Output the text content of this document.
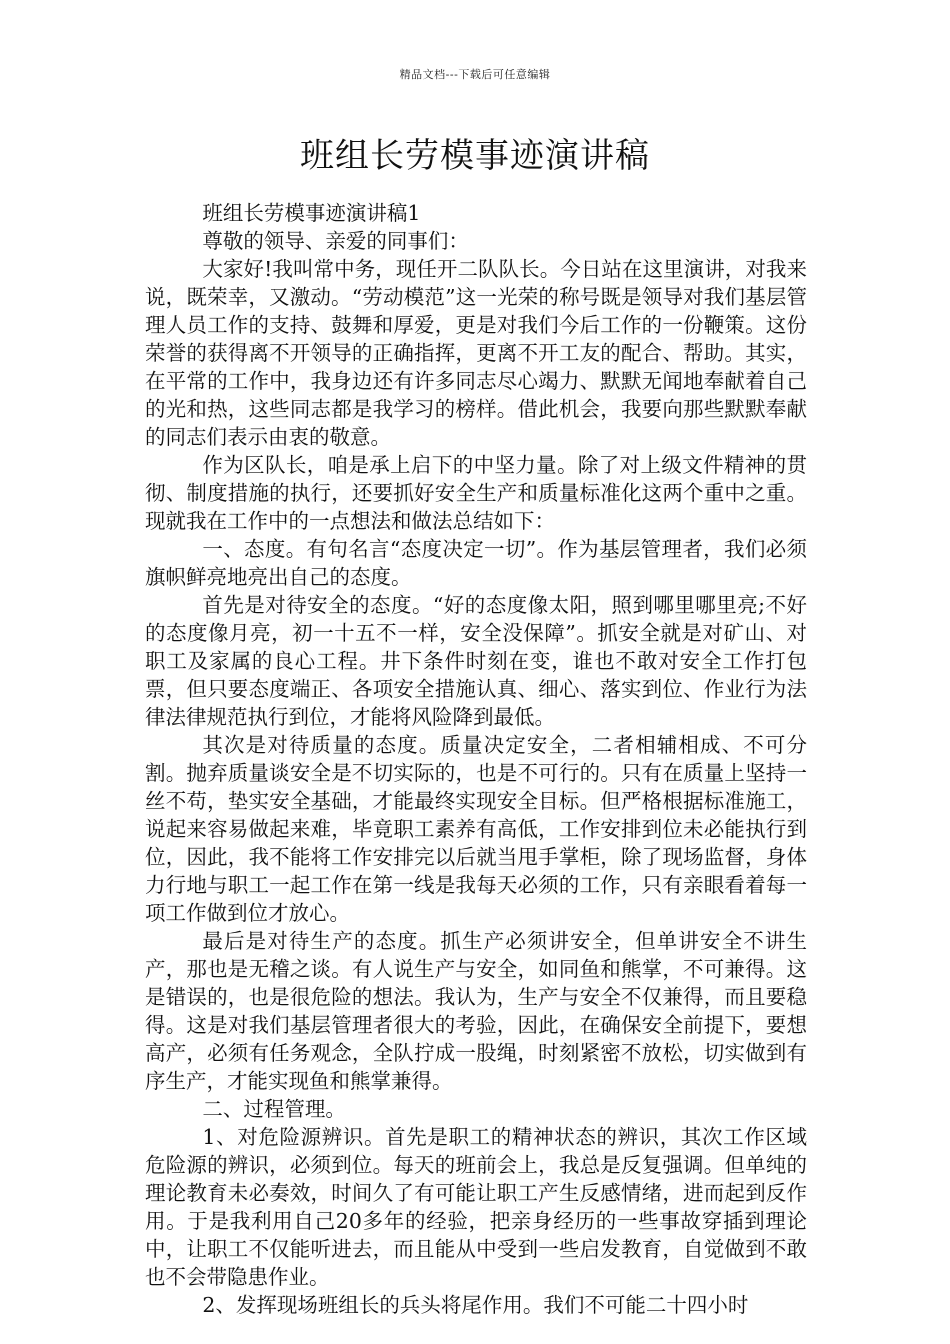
精品文档---下载后可任意编辑
班组长劳模事迹演讲稿

班组长劳模事迹演讲稿1

尊敬的领导、亲爱的同事们：

大家好!我叫常中务，现任开二队队长。今日站在这里演讲，对我来说，既荣幸，又激动。“劳动模范”这一光荣的称号既是领导对我们基层管理人员工作的支持、鼓舞和厚爱，更是对我们今后工作的一份鞭策。这份荣誉的获得离不开领导的正确指挥，更离不开工友的配合、帮助。其实，在平常的工作中，我身边还有许多同志尽心竭力、默默无闻地奉献着自己的光和热，这些同志都是我学习的榜样。借此机会，我要向那些默默奉献的同志们表示由衷的敬意。

作为区队长，咱是承上启下的中坚力量。除了对上级文件精神的贯彻、制度措施的执行，还要抓好安全生产和质量标准化这两个重中之重。现就我在工作中的一点想法和做法总结如下：

一、态度。有句名言“态度决定一切”。作为基层管理者，我们必须旗帜鲜亮地亮出自己的态度。

首先是对待安全的态度。“好的态度像太阳，照到哪里哪里亮;不好的态度像月亮，初一十五不一样，安全没保障”。抓安全就是对矿山、对职工及家属的良心工程。井下条件时刻在变，谁也不敢对安全工作打包票，但只要态度端正、各项安全措施认真、细心、落实到位、作业行为法律法律规范执行到位，才能将风险降到最低。

其次是对待质量的态度。质量决定安全，二者相辅相成、不可分割。抛弃质量谈安全是不切实际的，也是不可行的。只有在质量上坚持一丝不苟，垫实安全基础，才能最终实现安全目标。但严格根据标准施工，说起来容易做起来难，毕竟职工素养有高低，工作安排到位未必能执行到位，因此，我不能将工作安排完以后就当甩手掌柜，除了现场监督，身体力行地与职工一起工作在第一线是我每天必须的工作，只有亲眼看着每一项工作做到位才放心。

最后是对待生产的态度。抓生产必须讲安全，但单讲安全不讲生产，那也是无稽之谈。有人说生产与安全，如同鱼和熊掌，不可兼得。这是错误的，也是很危险的想法。我认为，生产与安全不仅兼得，而且要稳得。这是对我们基层管理者很大的考验，因此，在确保安全前提下，要想高产，必须有任务观念，全队拧成一股绳，时刻紧密不放松，切实做到有序生产，才能实现鱼和熊掌兼得。

二、过程管理。

1、对危险源辨识。首先是职工的精神状态的辨识，其次工作区域危险源的辨识，必须到位。每天的班前会上，我总是反复强调。但单纯的理论教育未必奏效，时间久了有可能让职工产生反感情绪，进而起到反作用。于是我利用自己20多年的经验，把亲身经历的一些事故穿插到理论中，让职工不仅能听进去，而且能从中受到一些启发教育，自觉做到不敢也不会带隐患作业。

2、发挥现场班组长的兵头将尾作用。我们不可能二十四小时
